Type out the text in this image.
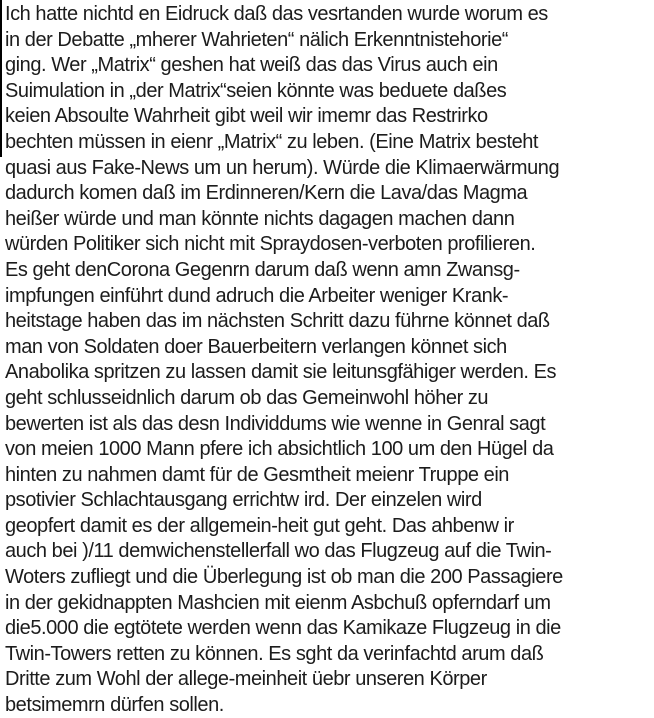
Ich hatte nichtd en Eidruck daß das vesrtanden wurde worum es
in der Debatte „mherer Wahrieten“ nälich Erkenntnistehorie“
ging. Wer „Matrix“ geshen hat weiß das das Virus auch ein
Suimulation in „der Matrix“seien könnte was beduete daßes
keien Absoulte Wahrheit gibt weil wir imemr das Restrirko
bechten müssen in eienr „Matrix“ zu leben. (Eine Matrix besteht
quasi aus Fake-News um un herum). Würde die Klimaerwärmung
dadurch komen daß im Erdinneren/Kern die Lava/das Magma
heißer würde und man könnte nichts dagagen machen dann
würden Politiker sich nicht mit Spraydosen-verboten profilieren.
Es geht denCorona Gegenrn darum daß wenn amn Zwansg-
impfungen einführt dund adruch die Arbeiter weniger Krank-
heitstage haben das im nächsten Schritt dazu führne könnet daß
man von Soldaten doer Bauerbeitern verlangen könnet sich
Anabolika spritzen zu lassen damit sie leitunsgfähiger werden. Es
geht schlusseidnlich darum ob das Gemeinwohl höher zu
bewerten ist als das desn Individdums wie wenne in Genral sagt
von meien 1000 Mann pfere ich absichtlich 100 um den Hügel da
hinten zu nahmen damt für de Gesmtheit meienr Truppe ein
psotivier Schlachtausgang errichtw ird. Der einzelen wird
geopfert damit es der allgemein-heit gut geht. Das ahbenw ir
auch bei )/11 demwichenstellerfall wo das Flugzeug auf die Twin-
Woters zufliegt und die Überlegung ist ob man die 200 Passagiere
in der gekidnappten Mashcien mit eienm Asbchuß opferndarf um
die5.000 die egtötete werden wenn das Kamikaze Flugzeug in die
Twin-Towers retten zu können. Es sght da verinfachtd arum daß
Dritte zum Wohl der allege-meinheit üebr unseren Körper
betsimemrn dürfen sollen.
